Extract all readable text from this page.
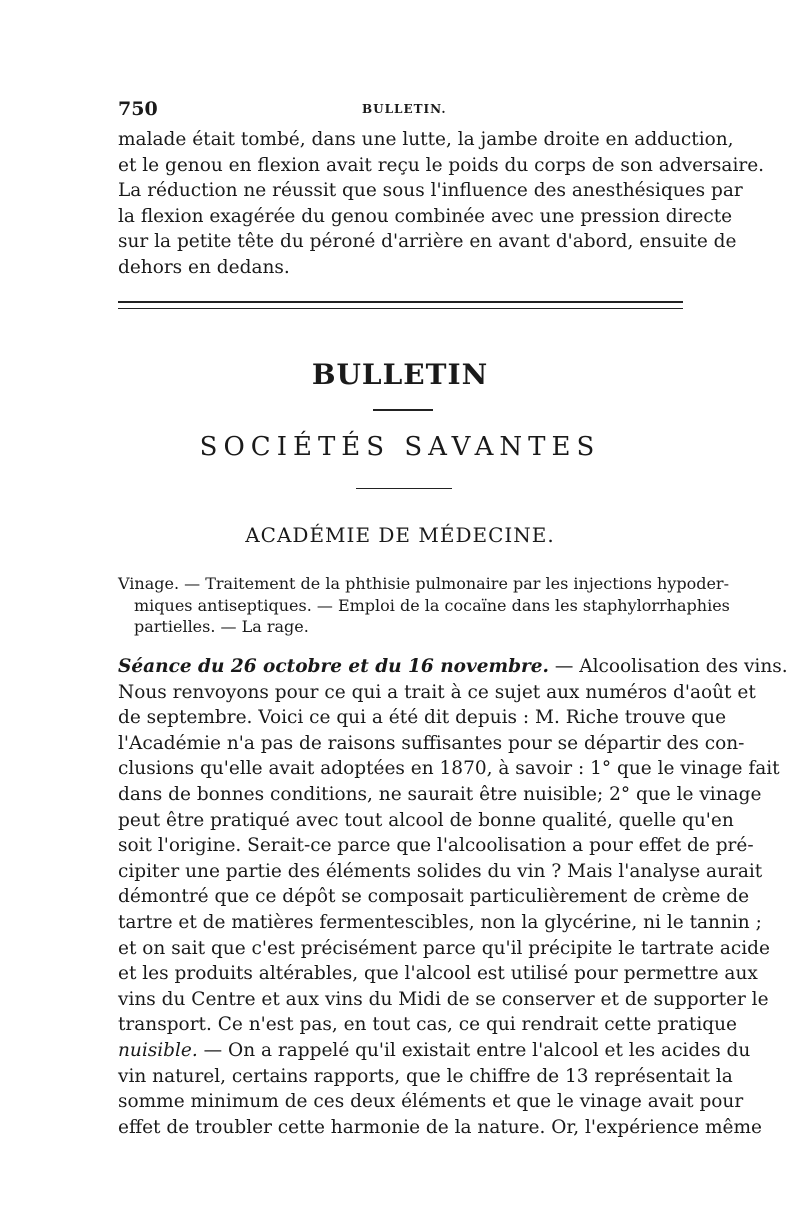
750	BULLETIN.
malade était tombé, dans une lutte, la jambe droite en adduction,
et le genou en flexion avait reçu le poids du corps de son adversaire.
La réduction ne réussit que sous l'influence des anesthésiques par
la flexion exagérée du genou combinée avec une pression directe
sur la petite tête du péroné d'arrière en avant d'abord, ensuite de
dehors en dedans.
BULLETIN
SOCIÉTÉS SAVANTES
ACADÉMIE DE MÉDECINE.
Vinage. — Traitement de la phthisie pulmonaire par les injections hypoder-
miques antiseptiques. — Emploi de la cocaïne dans les staphylorrhaphies
partielles. — La rage.
Séance du 26 octobre et du 16 novembre. — Alcoolisation des vins.
Nous renvoyons pour ce qui a trait à ce sujet aux numéros d'août et
de septembre. Voici ce qui a été dit depuis : M. Riche trouve que
l'Académie n'a pas de raisons suffisantes pour se départir des con-
clusions qu'elle avait adoptées en 1870, à savoir : 1° que le vinage fait
dans de bonnes conditions, ne saurait être nuisible; 2° que le vinage
peut être pratiqué avec tout alcool de bonne qualité, quelle qu'en
soit l'origine. Serait-ce parce que l'alcoolisation a pour effet de pré-
cipiter une partie des éléments solides du vin ? Mais l'analyse aurait
démontré que ce dépôt se composait particulièrement de crème de
tartre et de matières fermentescibles, non la glycérine, ni le tannin ;
et on sait que c'est précisément parce qu'il précipite le tartrate acide
et les produits altérables, que l'alcool est utilisé pour permettre aux
vins du Centre et aux vins du Midi de se conserver et de supporter le
transport. Ce n'est pas, en tout cas, ce qui rendrait cette pratique
nuisible. — On a rappelé qu'il existait entre l'alcool et les acides du
vin naturel, certains rapports, que le chiffre de 13 représentait la
somme minimum de ces deux éléments et que le vinage avait pour
effet de troubler cette harmonie de la nature. Or, l'expérience même
